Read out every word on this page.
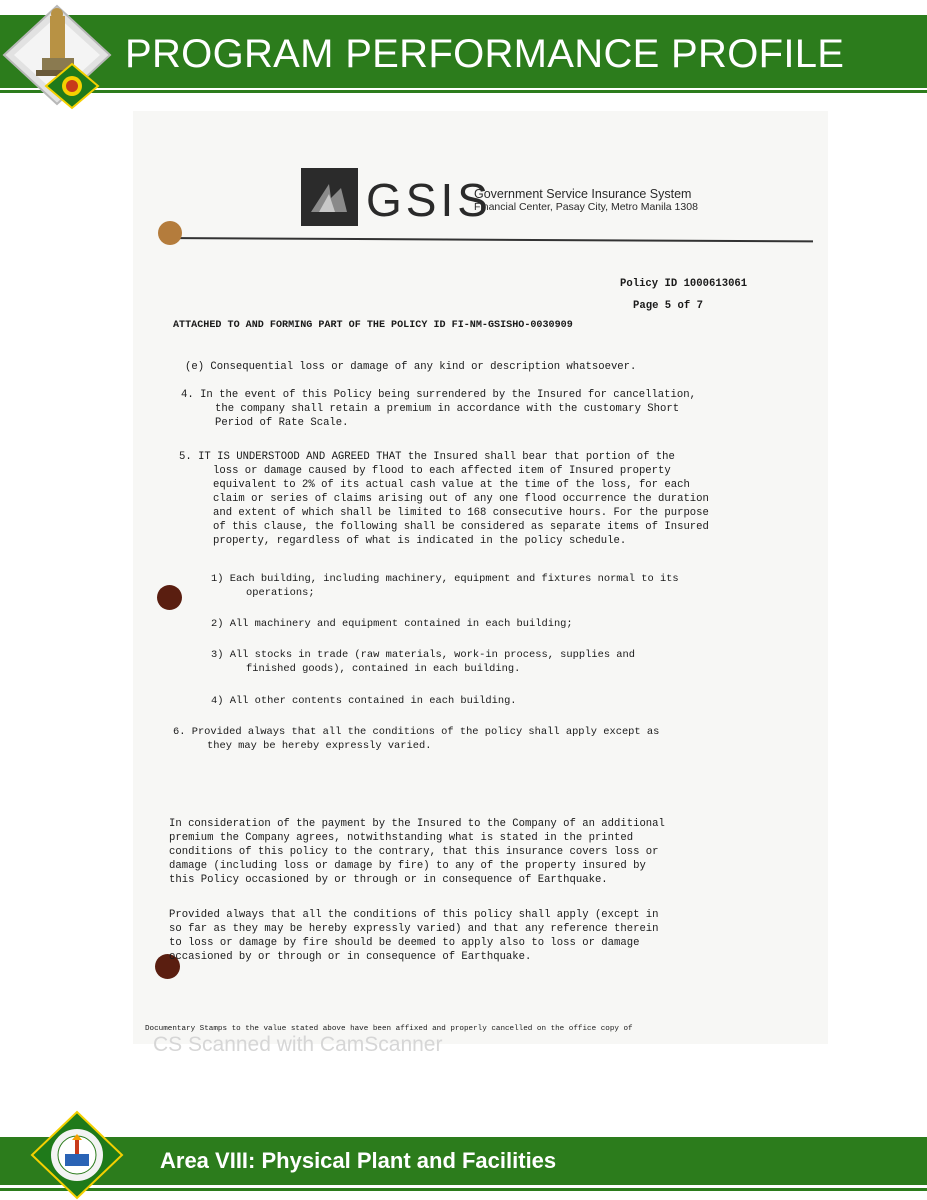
PROGRAM PERFORMANCE PROFILE
GSIS
Government Service Insurance System
Financial Center, Pasay City, Metro Manila 1308
Policy ID 1000613061
Page 5 of 7
ATTACHED TO AND FORMING PART OF THE POLICY ID FI-NM-GSISHO-0030909
(e) Consequential loss or damage of any kind or description whatsoever.
4. In the event of this Policy being surrendered by the Insured for cancellation,
the company shall retain a premium in accordance with the customary Short
Period of Rate Scale.
5. IT IS UNDERSTOOD AND AGREED THAT the Insured shall bear that portion of the
loss or damage caused by flood to each affected item of Insured property
equivalent to 2% of its actual cash value at the time of the loss, for each
claim or series of claims arising out of any one flood occurrence the duration
and extent of which shall be limited to 168 consecutive hours. For the purpose
of this clause, the following shall be considered as separate items of Insured
property, regardless of what is indicated in the policy schedule.
1) Each building, including machinery, equipment and fixtures normal to its
operations;
2) All machinery and equipment contained in each building;
3) All stocks in trade (raw materials, work-in process, supplies and
finished goods), contained in each building.
4) All other contents contained in each building.
6. Provided always that all the conditions of the policy shall apply except as
they may be hereby expressly varied.
In consideration of the payment by the Insured to the Company of an additional
premium the Company agrees, notwithstanding what is stated in the printed
conditions of this policy to the contrary, that this insurance covers loss or
damage (including loss or damage by fire) to any of the property insured by
this Policy occasioned by or through or in consequence of Earthquake.
Provided always that all the conditions of this policy shall apply (except in
so far as they may be hereby expressly varied) and that any reference therein
to loss or damage by fire should be deemed to apply also to loss or damage
occasioned by or through or in consequence of Earthquake.
Documentary Stamps to the value stated above have been affixed and properly cancelled on the office copy of
CS Scanned with CamScanner
Area VIII: Physical Plant and Facilities
